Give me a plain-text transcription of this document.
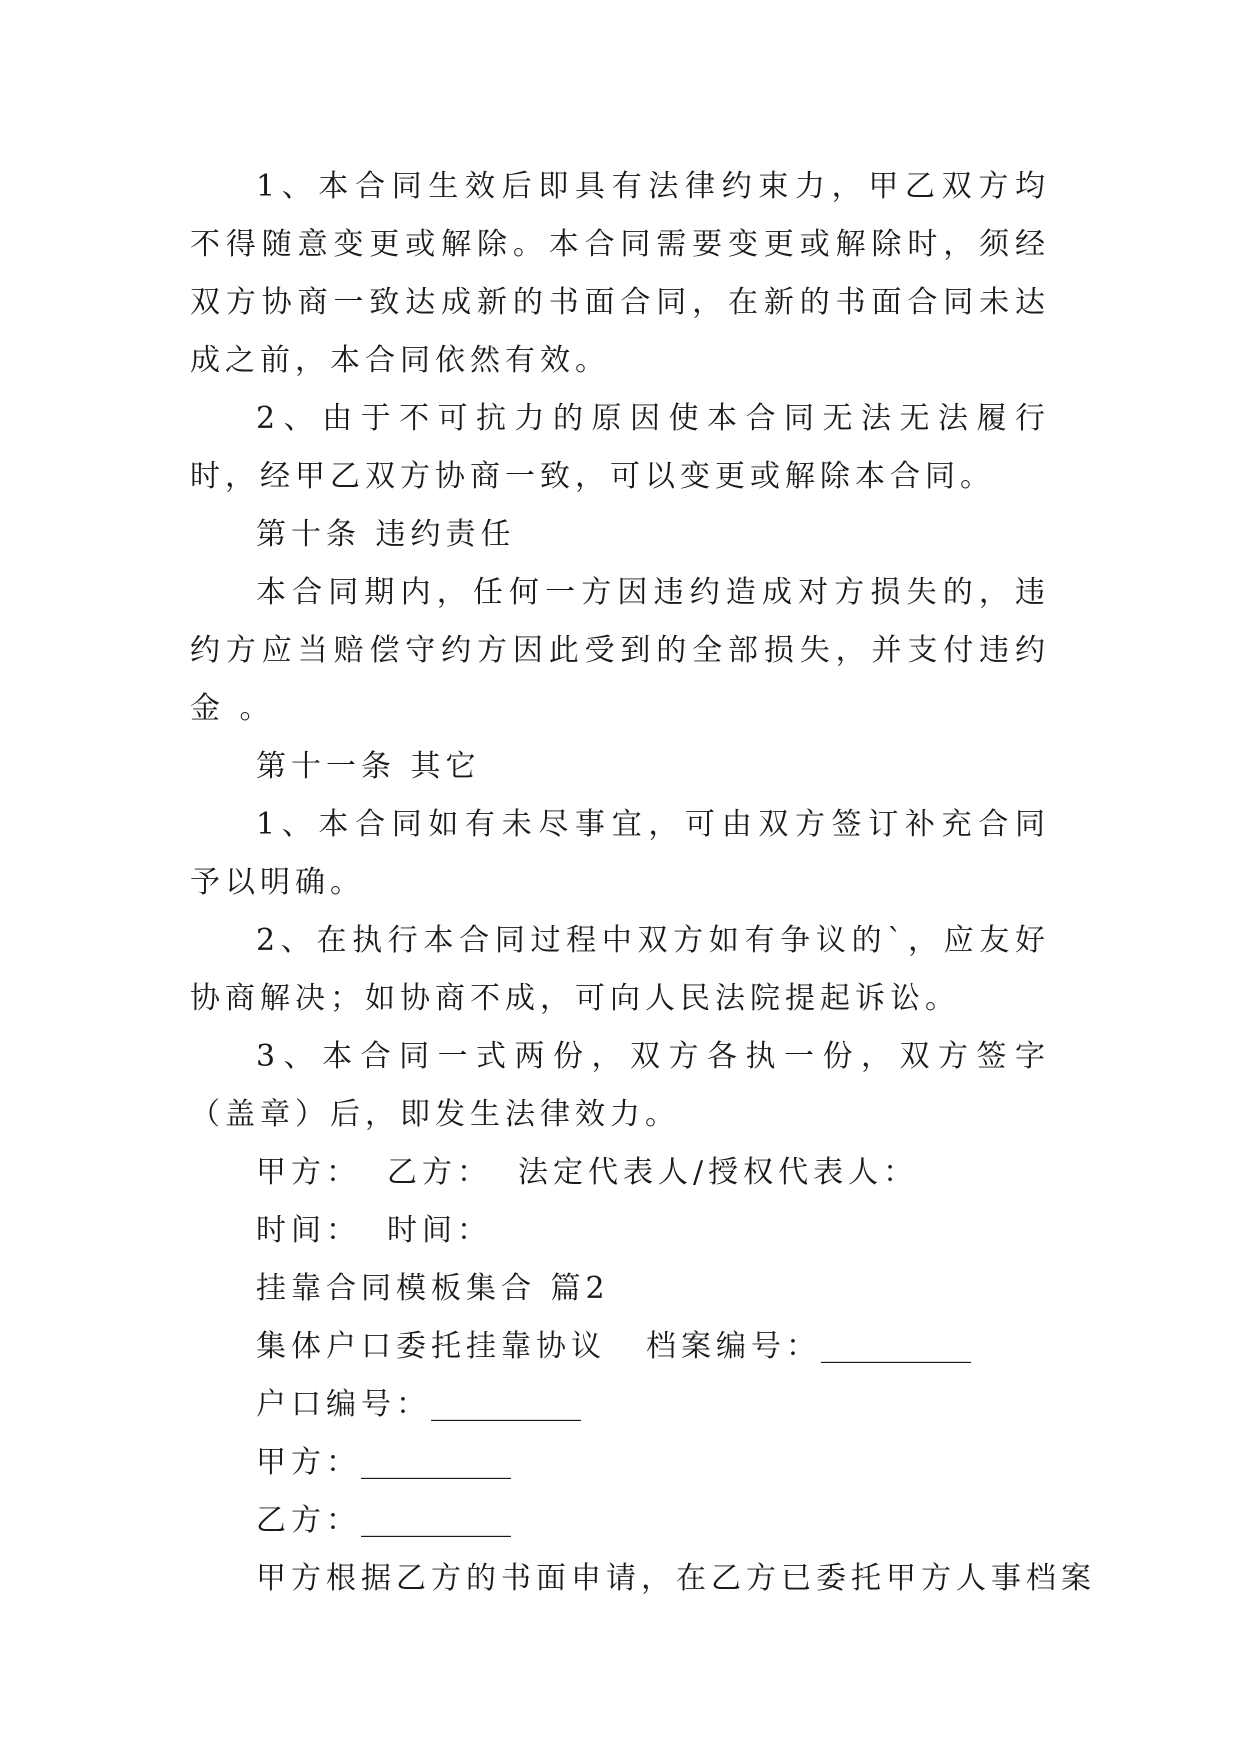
1、本合同生效后即具有法律约束力，甲乙双方均不得随意变更或解除。本合同需要变更或解除时，须经双方协商一致达成新的书面合同，在新的书面合同未达成之前，本合同依然有效。

2、由于不可抗力的原因使本合同无法无法履行时，经甲乙双方协商一致，可以变更或解除本合同。

第十条 违约责任

本合同期内，任何一方因违约造成对方损失的，违约方应当赔偿守约方因此受到的全部损失，并支付违约金 。

第十一条 其它

1、本合同如有未尽事宜，可由双方签订补充合同予以明确。

2、在执行本合同过程中双方如有争议的`，应友好协商解决；如协商不成，可向人民法院提起诉讼。

3、本合同一式两份，双方各执一份，双方签字（盖章）后，即发生法律效力。

甲方： 乙方： 法定代表人/授权代表人：

时间： 时间：

挂靠合同模板集合 篇2

集体户口委托挂靠协议 档案编号：__________

户口编号：__________

甲方：__________

乙方：__________

甲方根据乙方的书面申请，在乙方已委托甲方人事档案
